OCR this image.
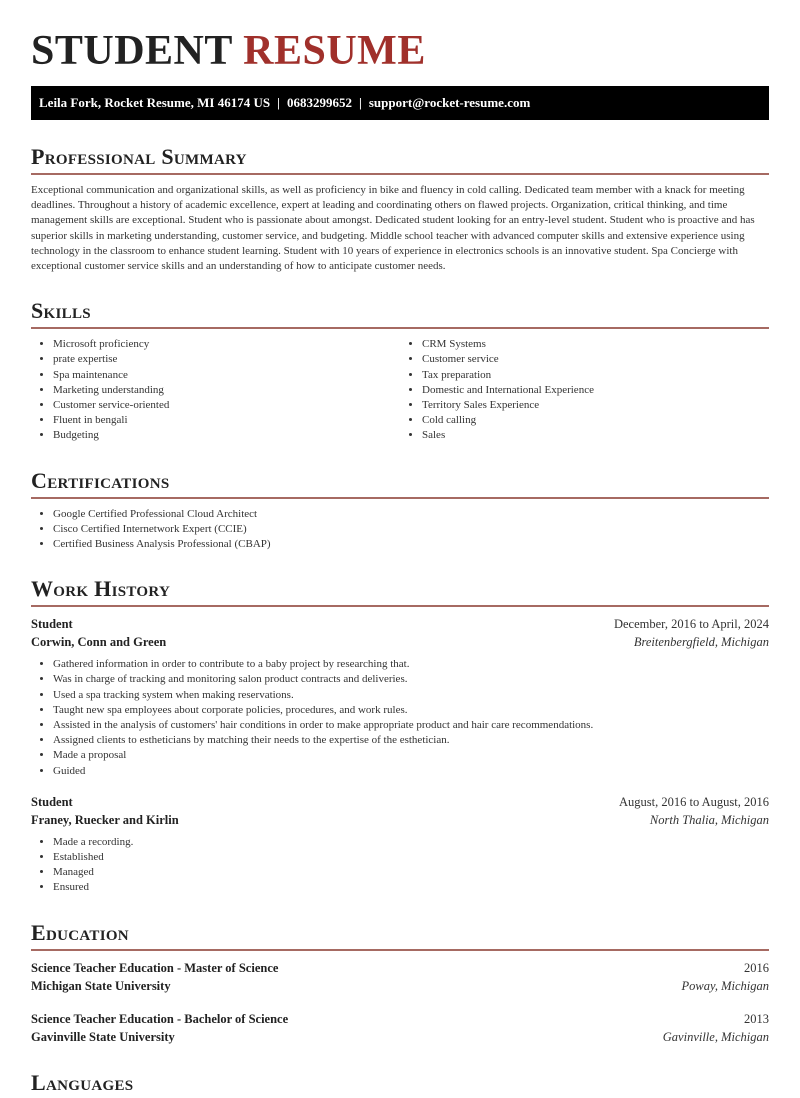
STUDENT RESUME
Leila Fork, Rocket Resume, MI 46174 US | 0683299652 | support@rocket-resume.com
Professional Summary

Exceptional communication and organizational skills, as well as proficiency in bike and fluency in cold calling. Dedicated team member with a knack for meeting deadlines. Throughout a history of academic excellence, expert at leading and coordinating others on flawed projects. Organization, critical thinking, and time management skills are exceptional. Student who is passionate about amongst. Dedicated student looking for an entry-level student. Student who is proactive and has superior skills in marketing understanding, customer service, and budgeting. Middle school teacher with advanced computer skills and extensive experience using technology in the classroom to enhance student learning. Student with 10 years of experience in electronics schools is an innovative student. Spa Concierge with exceptional customer service skills and an understanding of how to anticipate customer needs.

Skills
• Microsoft proficiency
• prate expertise
• Spa maintenance
• Marketing understanding
• Customer service-oriented
• Fluent in bengali
• Budgeting
• CRM Systems
• Customer service
• Tax preparation
• Domestic and International Experience
• Territory Sales Experience
• Cold calling
• Sales
Certifications
• Google Certified Professional Cloud Architect
• Cisco Certified Internetwork Expert (CCIE)
• Certified Business Analysis Professional (CBAP)
Work History
Student	December, 2016 to April, 2024
Corwin, Conn and Green	Breitenbergfield, Michigan
• Gathered information in order to contribute to a baby project by researching that.
• Was in charge of tracking and monitoring salon product contracts and deliveries.
• Used a spa tracking system when making reservations.
• Taught new spa employees about corporate policies, procedures, and work rules.
• Assisted in the analysis of customers' hair conditions in order to make appropriate product and hair care recommendations.
• Assigned clients to estheticians by matching their needs to the expertise of the esthetician.
• Made a proposal
• Guided
Student	August, 2016 to August, 2016
Franey, Ruecker and Kirlin	North Thalia, Michigan
• Made a recording.
• Established
• Managed
• Ensured
Education
Science Teacher Education - Master of Science	2016
Michigan State University	Poway, Michigan
Science Teacher Education - Bachelor of Science	2013
Gavinville State University	Gavinville, Michigan
Languages
